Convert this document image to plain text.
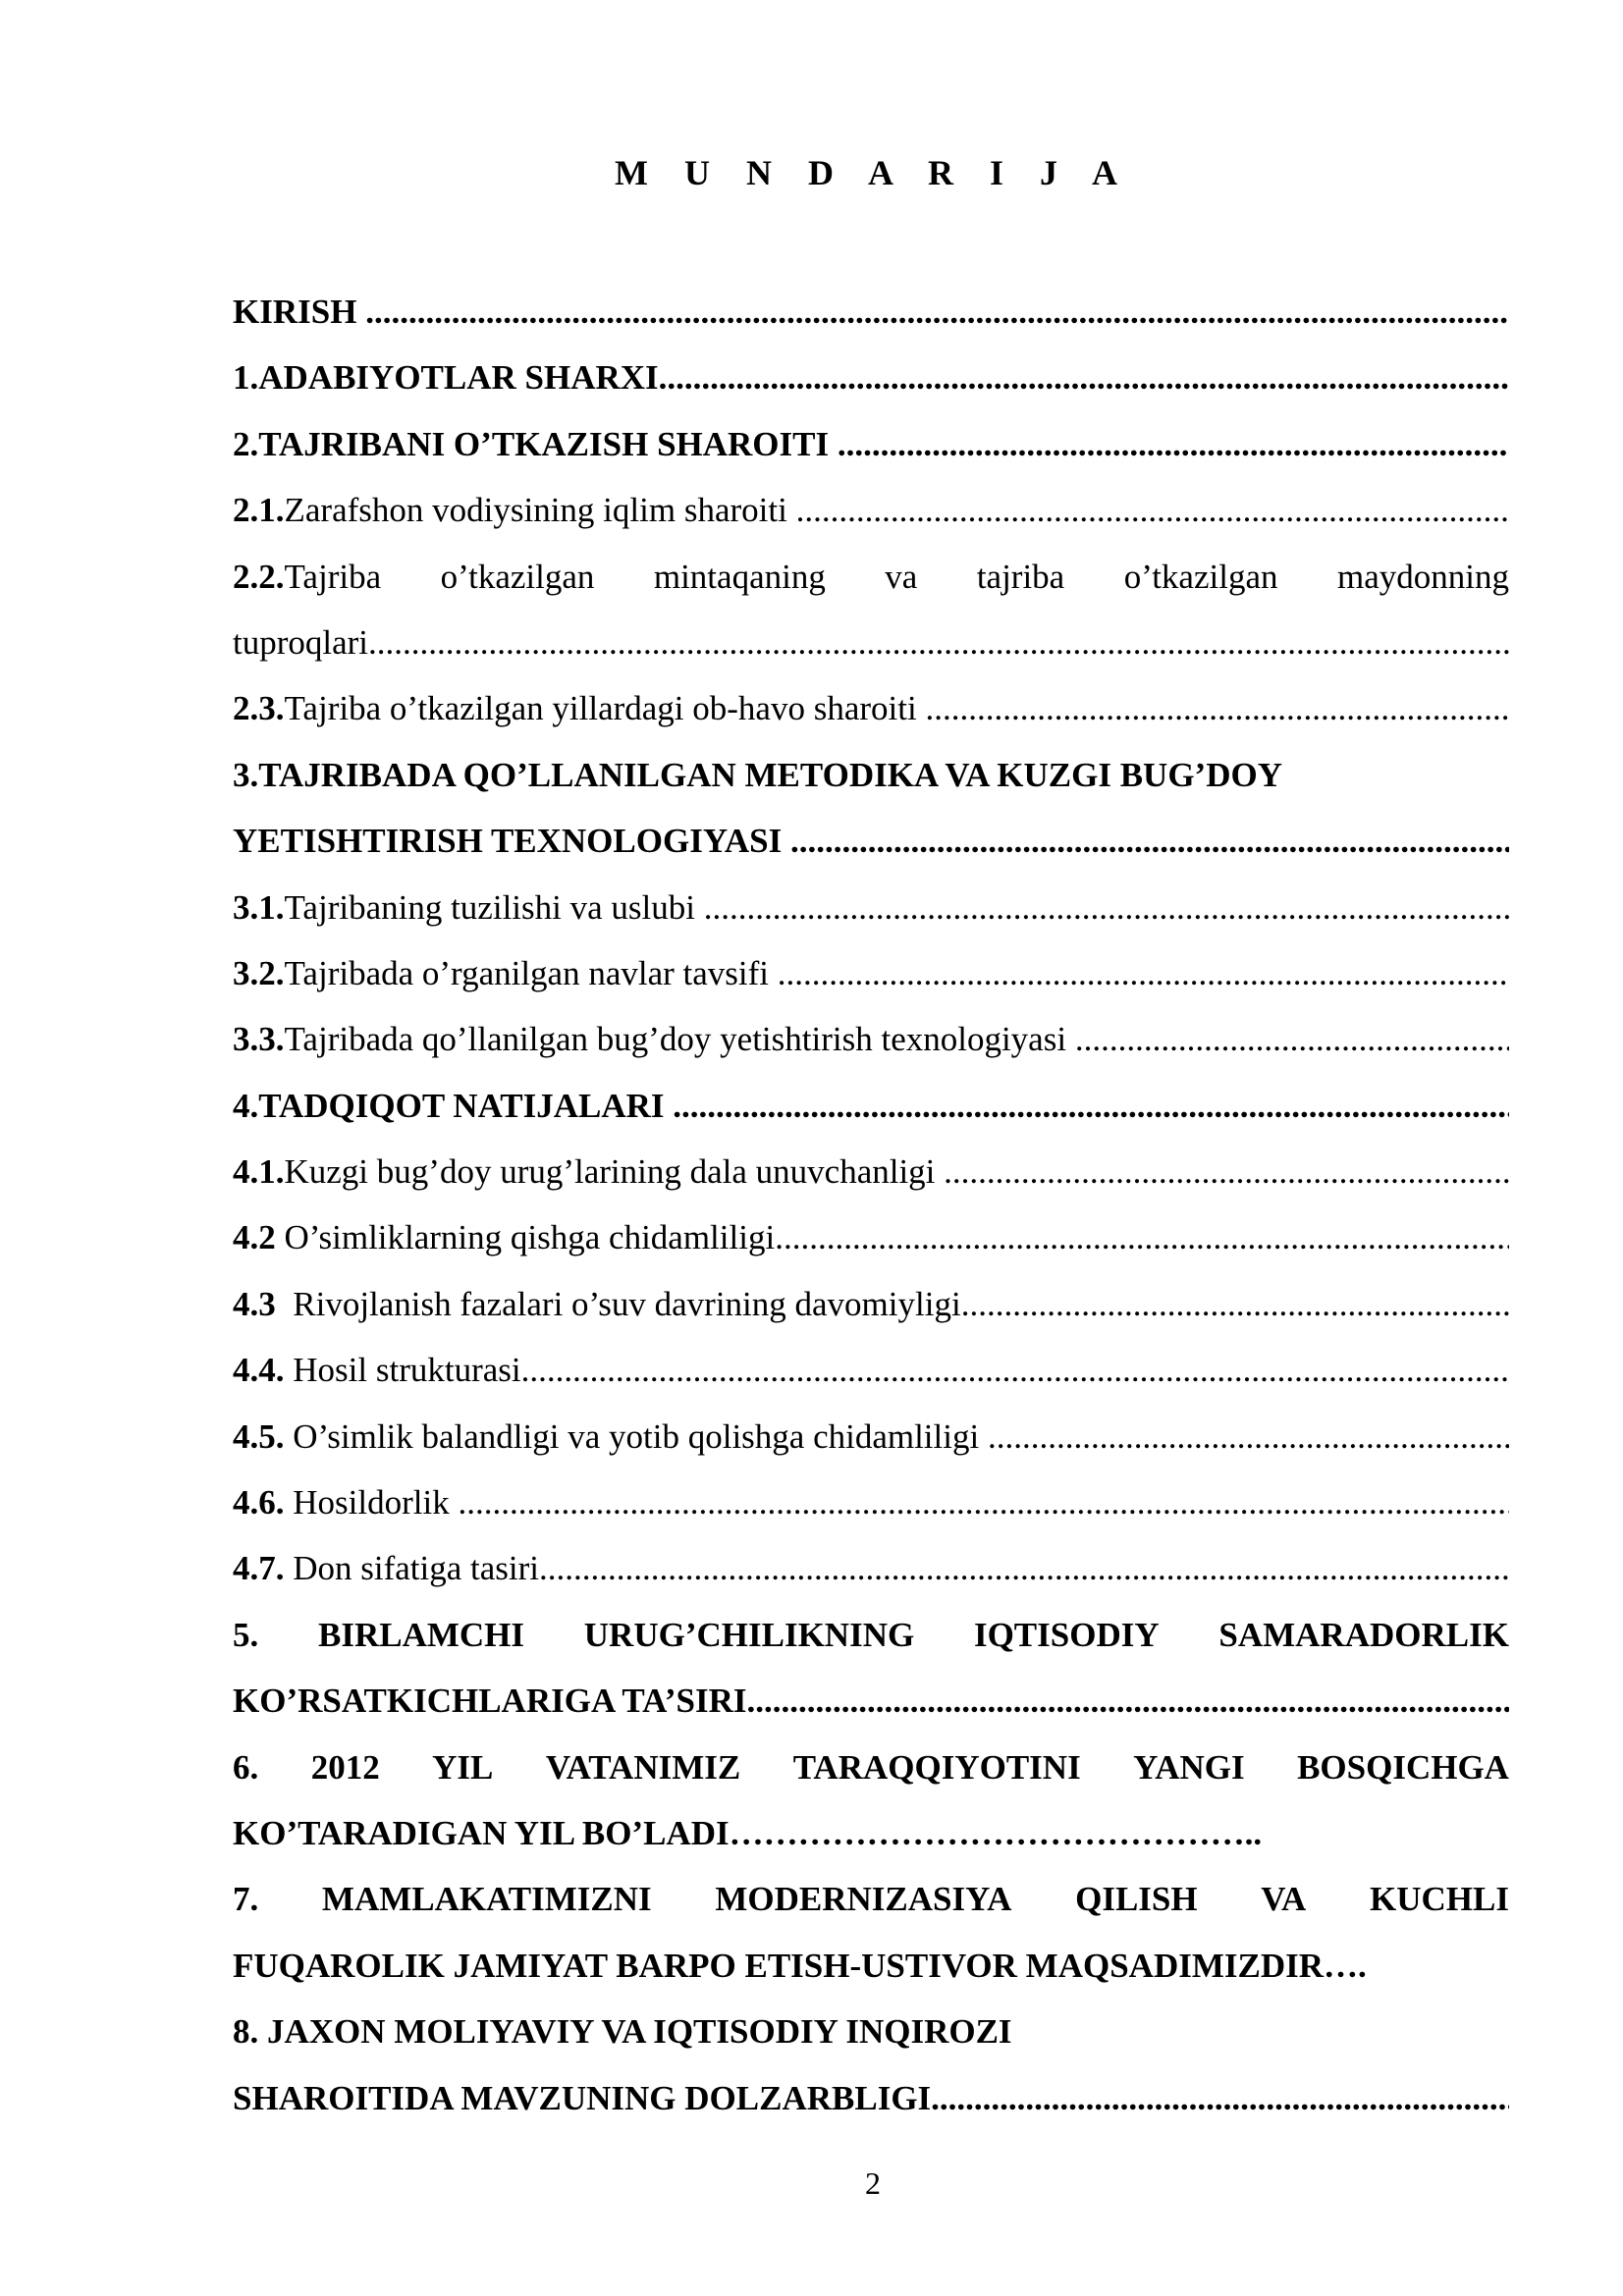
M U N D A R I J A
KIRISH
.....
1.ADABIYOTLAR SHARXI
.....
2.TAJRIBANI O’TKAZISH SHAROITI
.....
2.1.Zarafshon vodiysining iqlim sharoiti
.....
2.2.Tajriba o’tkazilgan mintaqaning va tajriba o’tkazilgan maydonning
tuproqlari
.....
2.3.Tajriba o’tkazilgan yillardagi ob-havo sharoiti
.....
3.TAJRIBADA QO’LLANILGAN METODIKA VA KUZGI BUG’DOY
YETISHTIRISH TEXNOLOGIYASI
.....
3.1.Tajribaning tuzilishi va uslubi
.....
3.2.Tajribada o’rganilgan navlar tavsifi
.....
3.3.Tajribada qo’llanilgan bug’doy yetishtirish texnologiyasi
.....
4.TADQIQOT NATIJALARI
.....
4.1.Kuzgi bug’doy urug’larining dala unuvchanligi
.....
4.2 O’simliklarning qishga chidamliligi
.....
4.3  Rivojlanish fazalari o’suv davrining davomiyligi
.....
4.4. Hosil strukturasi
.....
4.5. O’simlik balandligi va yotib qolishga chidamliligi
.....
4.6. Hosildorlik
.....
4.7. Don sifatiga tasiri
.....
5. BIRLAMCHI URUG’CHILIKNING IQTISODIY SAMARADORLIK
KO’RSATKICHLARIGA TA’SIRI
.....
6. 2012 YIL VATANIMIZ TARAQQIYOTINI YANGI BOSQICHGA
KO’TARADIGAN YIL BO’LADI………………………………………..
7. MAMLAKATIMIZNI MODERNIZASIYA QILISH VA KUCHLI
FUQAROLIK JAMIYAT BARPO ETISH-USTIVOR MAQSADIMIZDIR….
8. JAXON MOLIYAVIY VA IQTISODIY INQIROZI
SHAROITIDA MAVZUNING DOLZARBLIGI
.....
2
